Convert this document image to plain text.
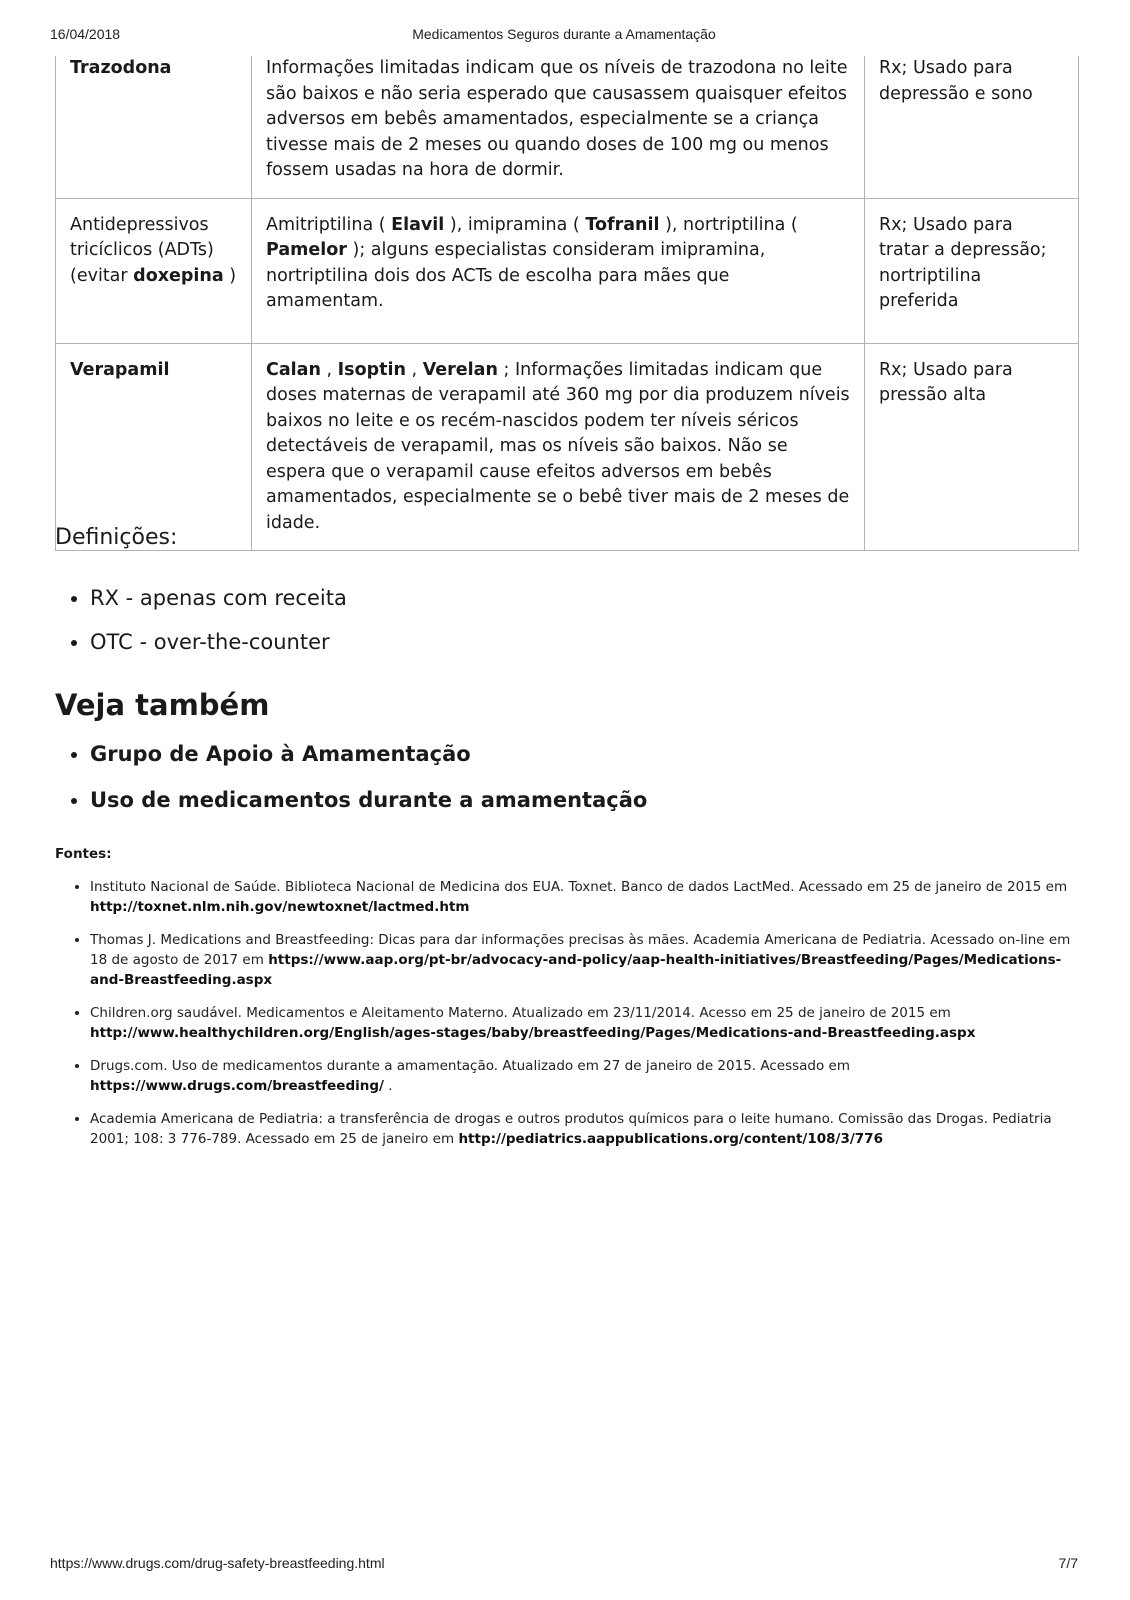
16/04/2018	Medicamentos Seguros durante a Amamentação
Trazodona	Informações limitadas indicam que os níveis de trazodona no leite são baixos e não seria esperado que causassem quaisquer efeitos adversos em bebês amamentados, especialmente se a criança tivesse mais de 2 meses ou quando doses de 100 mg ou menos fossem usadas na hora de dormir.	Rx; Usado para depressão e sono
Antidepressivos tricíclicos (ADTs) (evitar doxepina )	Amitriptilina ( Elavil ), imipramina ( Tofranil ), nortriptilina ( Pamelor ); alguns especialistas consideram imipramina, nortriptilina dois dos ACTs de escolha para mães que amamentam.	Rx; Usado para tratar a depressão; nortriptilina preferida
Verapamil	Calan , Isoptin , Verelan ; Informações limitadas indicam que doses maternas de verapamil até 360 mg por dia produzem níveis baixos no leite e os recém-nascidos podem ter níveis séricos detectáveis de verapamil, mas os níveis são baixos. Não se espera que o verapamil cause efeitos adversos em bebês amamentados, especialmente se o bebê tiver mais de 2 meses de idade.	Rx; Usado para pressão alta
Definições:
• RX - apenas com receita
• OTC - over-the-counter
Veja também
• Grupo de Apoio à Amamentação
• Uso de medicamentos durante a amamentação
Fontes:
• Instituto Nacional de Saúde. Biblioteca Nacional de Medicina dos EUA. Toxnet. Banco de dados LactMed. Acessado em 25 de janeiro de 2015 em http://toxnet.nlm.nih.gov/newtoxnet/lactmed.htm
• Thomas J. Medications and Breastfeeding: Dicas para dar informações precisas às mães. Academia Americana de Pediatria. Acessado on-line em 18 de agosto de 2017 em https://www.aap.org/pt-br/advocacy-and-policy/aap-health-initiatives/Breastfeeding/Pages/Medications-and-Breastfeeding.aspx
• Children.org saudável. Medicamentos e Aleitamento Materno. Atualizado em 23/11/2014. Acesso em 25 de janeiro de 2015 em http://www.healthychildren.org/English/ages-stages/baby/breastfeeding/Pages/Medications-and-Breastfeeding.aspx
• Drugs.com. Uso de medicamentos durante a amamentação. Atualizado em 27 de janeiro de 2015. Acessado em https://www.drugs.com/breastfeeding/ .
• Academia Americana de Pediatria: a transferência de drogas e outros produtos químicos para o leite humano. Comissão das Drogas. Pediatria 2001; 108: 3 776-789. Acessado em 25 de janeiro em http://pediatrics.aappublications.org/content/108/3/776
https://www.drugs.com/drug-safety-breastfeeding.html	7/7
